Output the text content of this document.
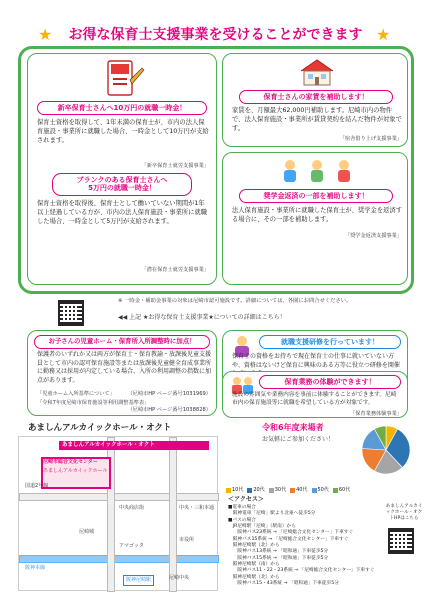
★	お得な保育士支援事業を受けることができます ★
新卒保育士さんへ10万円の就職一時金！
保育士資格を取得して、1年未満の保育士が、市内の法人保育施設・事業所に就職した場合、一時金として10万円が支給されます。
「新卒保育士就労支援事業」
ブランクのある保育士さんへ
5万円の就職一時金！
保育士資格を取得後、保育士として働いていない期間が1年以上経過している方が、市内の法人保育施設・事業所に就職した場合、一時金として5万円が支給されます。
「潜在保育士就労支援事業」
保育士さんの家賃を補助します！
家賃を、月額最大62,000円補助します。尼崎市内の物件で、法人保育施設・事業所が賃貸契約を結んだ物件が対象です。
「宿舎借り上げ支援事業」
奨学金返済の一部を補助します！
法人保育施設・事業所に就職した保育士が、奨学金を返済する場合に、その一部を補助します。
「奨学金返済支援事業」
※ 一時金・補助金事業の対象は尼崎市認可施設です。詳細については、各園にお問合せください。
◀◀ 上記 ★お得な保育士支援事業★についての詳細はこちら！
お子さんの児童ホーム・保育所入所調整時に加点！
保護者のいずれか又は両方が保育士・保育教諭・放課後児童支援員として市内の認可保育施設等または放課後児童健全育成事業所に勤務又は採用が内定している場合、入所の利用調整の指数に加点があります。
「児童ホーム入所基準について」 （尼崎市HP ページ番号1031969）
「令和7年度尼崎市保育施設等利用調整基準表」
（尼崎市HP ページ番号1038828）
就職支援研修を行っています！
保育士の資格をお持ちで現在保育士の仕事に就いていない方や、資格はないけど保育に興味のある方等に役立つ研修を開催
保育業務の体験ができます！
施設の雰囲気や業務内容を事前に体験することができます。尼崎市内の保育施設等に就職を希望している方が対象です。
「保育業務体験事業」
あましんアルカイックホール・オクト
あましんアルカイックホール・オクト
尼崎市総合文化センター
あましんアルカイックホール
国道2号線
中央商店街	中央・三和本通
尼崎城
アマゴッタ
市役所
阪神本線
阪神尼崎駅	尼崎中央
令和6年度来場者
お気軽にご参加ください！
10代 20代 30代 40代 50代 60代
＜アクセス＞
■電車の場合
　阪神電車「尼崎」駅より北東へ徒歩5分
■バスの場合
　JR尼崎駅「尼崎」（駅南）から
　　阪神バス23系統 → 「尼崎総合文化センター」下車すぐ
　阪神バス15系統 → 「尼崎総合文化センター」下車すぐ
　阪神尼崎駅（北）から
　　阪神バス13系統 → 「昭和通」下車徒歩5分
　　阪神バス15系統 → 「昭和通」下車徒歩5分
　阪神尼崎駅（南）から
　　阪神バス11・22・23系統 → 「尼崎総合文化センター」下車すぐ
　阪神尼崎駅（北）から
　　阪神バス15・43系統 → 「昭和通」下車徒歩5分
あましんアルカイックホール・オクトHPはこちら
